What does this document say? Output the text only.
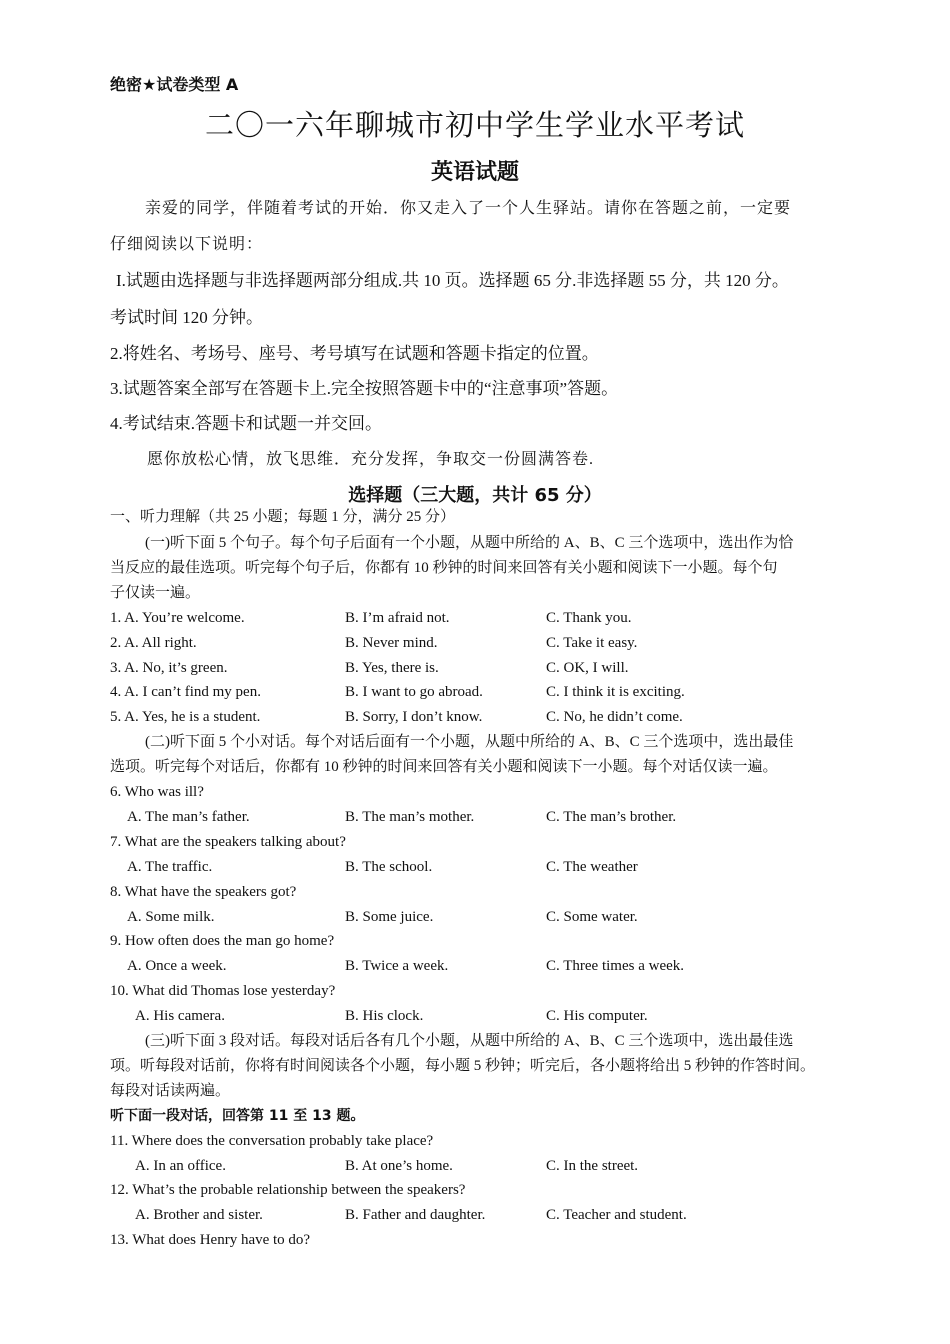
绝密★试卷类型 A
二〇一六年聊城市初中学生学业水平考试
英语试题
亲爱的同学，伴随着考试的开始．你又走入了一个人生驿站。请你在答题之前，一定要
仔细阅读以下说明：
I.试题由选择题与非选择题两部分组成.共 10 页。选择题 65 分.非选择题 55 分，共 120 分。
考试时间 120 分钟。
2.将姓名、考场号、座号、考号填写在试题和答题卡指定的位置。
3.试题答案全部写在答题卡上.完全按照答题卡中的“注意事项”答题。
4.考试结束.答题卡和试题一并交回。
愿你放松心情，放飞思维．充分发挥，争取交一份圆满答卷.
选择题（三大题，共计 65 分）
一、听力理解（共 25 小题；每题 1 分，满分 25 分）
(一)听下面 5 个句子。每个句子后面有一个小题，从题中所给的 A、B、C 三个选项中，选出作为恰
当反应的最佳选项。听完每个句子后，你都有 10 秒钟的时间来回答有关小题和阅读下一小题。每个句
子仅读一遍。
1. A. You’re welcome.	B. I’m afraid not.	C. Thank you.
2. A. All right.	B. Never mind.	C. Take it easy.
3. A. No, it’s green.	B. Yes, there is.	C. OK, I will.
4. A. I can’t find my pen.	B. I want to go abroad.	C. I think it is exciting.
5. A. Yes, he is a student.	B. Sorry, I don’t know.	C. No, he didn’t come.
(二)听下面 5 个小对话。每个对话后面有一个小题，从题中所给的 A、B、C 三个选项中，选出最佳
选项。听完每个对话后，你都有 10 秒钟的时间来回答有关小题和阅读下一小题。每个对话仅读一遍。
6. Who was ill?
A. The man’s father.	B. The man’s mother.	C. The man’s brother.
7. What are the speakers talking about?
A. The traffic.	B. The school.	C. The weather
8. What have the speakers got?
A. Some milk.	B. Some juice.	C. Some water.
9. How often does the man go home?
A. Once a week.	B. Twice a week.	C. Three times a week.
10. What did Thomas lose yesterday?
A. His camera.	B. His clock.	C. His computer.
(三)听下面 3 段对话。每段对话后各有几个小题，从题中所给的 A、B、C 三个选项中，选出最佳选
项。听每段对话前，你将有时间阅读各个小题，每小题 5 秒钟；听完后，各小题将给出 5 秒钟的作答时间。
每段对话读两遍。
听下面一段对话，回答第 11 至 13 题。
11. Where does the conversation probably take place?
A. In an office.	B. At one’s home.	C. In the street.
12. What’s the probable relationship between the speakers?
A. Brother and sister.	B. Father and daughter.	C. Teacher and student.
13. What does Henry have to do?
